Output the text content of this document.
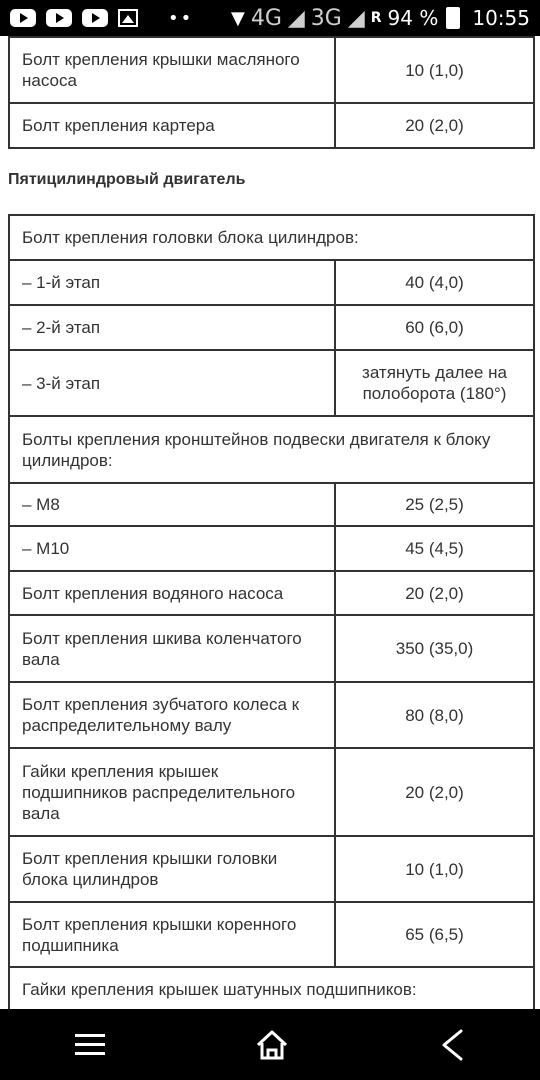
•• ▼ 4G ◢ 3G ◢ R 94 % 10:55
Болт крепления крышки масляного насоса	10 (1,0)
Болт крепления картера	20 (2,0)
Пятицилиндровый двигатель
Болт крепления головки блока цилиндров:	
– 1-й этап	40 (4,0)
– 2-й этап	60 (6,0)
– 3-й этап	затянуть далее на полоборота (180°)
Болты крепления кронштейнов подвески двигателя к блоку цилиндров:	
– M8	25 (2,5)
– M10	45 (4,5)
Болт крепления водяного насоса	20 (2,0)
Болт крепления шкива коленчатого вала	350 (35,0)
Болт крепления зубчатого колеса к распределительному валу	80 (8,0)
Гайки крепления крышек подшипников распределительного вала	20 (2,0)
Болт крепления крышки головки блока цилиндров	10 (1,0)
Болт крепления крышки коренного подшипника	65 (6,5)
Гайки крепления крышек шатунных подшипников:	
